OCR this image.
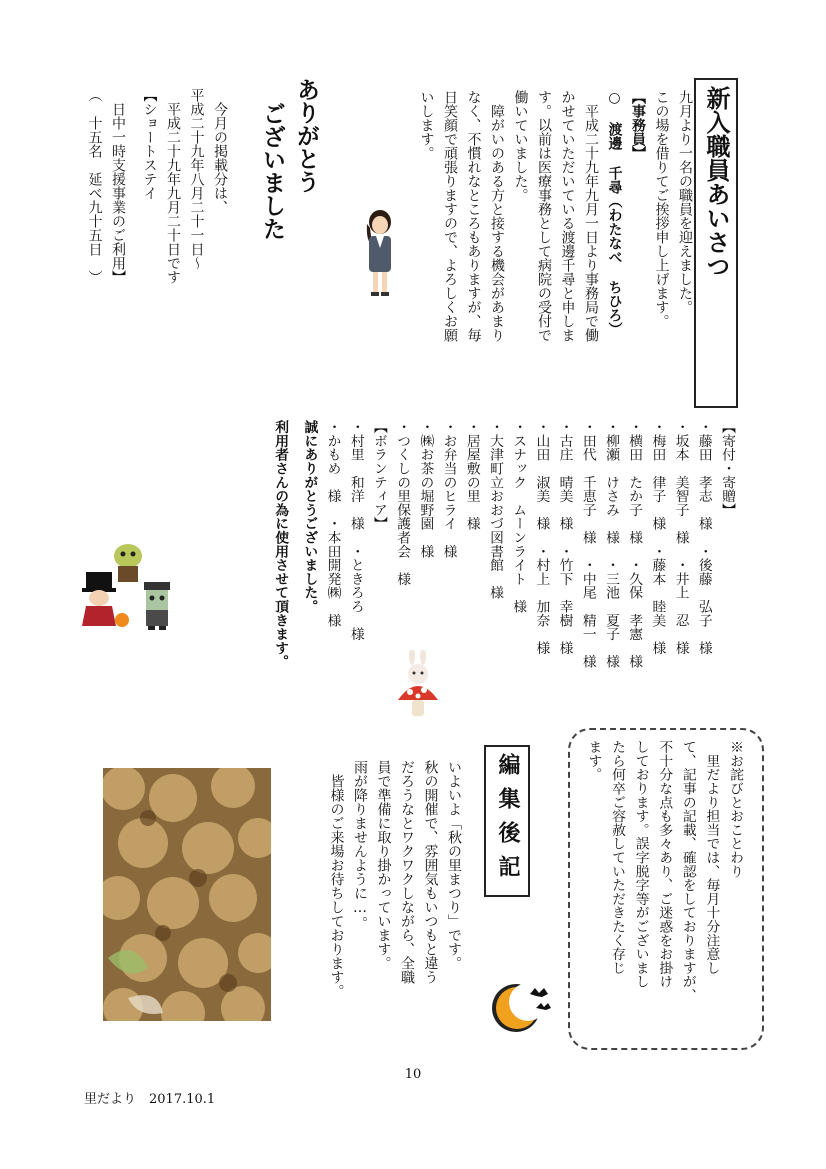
新入職員あいさつ
九月より一名の職員を迎えました。
この場を借りてご挨拶申し上げます。
【事務員】
○ 渡邊 千尋（わたなべ ちひろ）
　平成二十九年九月一日より事務局で働
かせていただいている渡邊千尋と申しま
す。以前は医療事務として病院の受付で
働いていました。
　障がいのある方と接する機会があまり
なく、不慣れなところもありますが、毎
日笑顔で頑張りますので、よろしくお願
いします。
ありがとう
ございました
今月の掲載分は、
平成二十九年八月二十一日～
　平成二十九年九月二十日です
【ショートステイ
　日中一時支援事業のご利用】
（　十五名　延べ九十五日　）
【寄付・寄贈】
・藤田　孝志　様　・後藤　弘子　様
・坂本　美智子　様　・井上　忍　様
・梅田　律子　様　・藤本　睦美　様
・横田　たか子　様　・久保　孝憲　様
・柳瀬　けさみ　様　・三池　夏子　様
・田代　千恵子　様　・中尾　精一　様
・古庄　晴美　様　・竹下　幸樹　様
・山田　淑美　様　・村上　加奈　様
・スナック　ムーンライト　様
・大津町立おおづ図書館　様
・居屋敷の里　様
・お弁当のヒライ　様
・㈱お茶の堀野園　様
・つくしの里保護者会　様
【ボランティア】
・村里　和洋　様　・ときろろ　様
・かもめ　様　・本田開発㈱　様
誠にありがとうございました。
利用者さんの為に使用させて頂きます。
※お詫びとおことわり
　里だより担当では、毎月十分注意し
て、記事の記載、確認をしておりますが、
不十分な点も多々あり、ご迷惑をお掛け
しております。誤字脱字等がございまし
たら何卒ご容赦していただきたく存じ
ます。
編集後記
いよいよ「秋の里まつり」です。
秋の開催で、雰囲気もいつもと違う
だろうなとワクワクしながら、全職
員で準備に取り掛かっています。
雨が降りませんように…。
　皆様のご来場お待ちしております。
10
里だより　2017.10.1
